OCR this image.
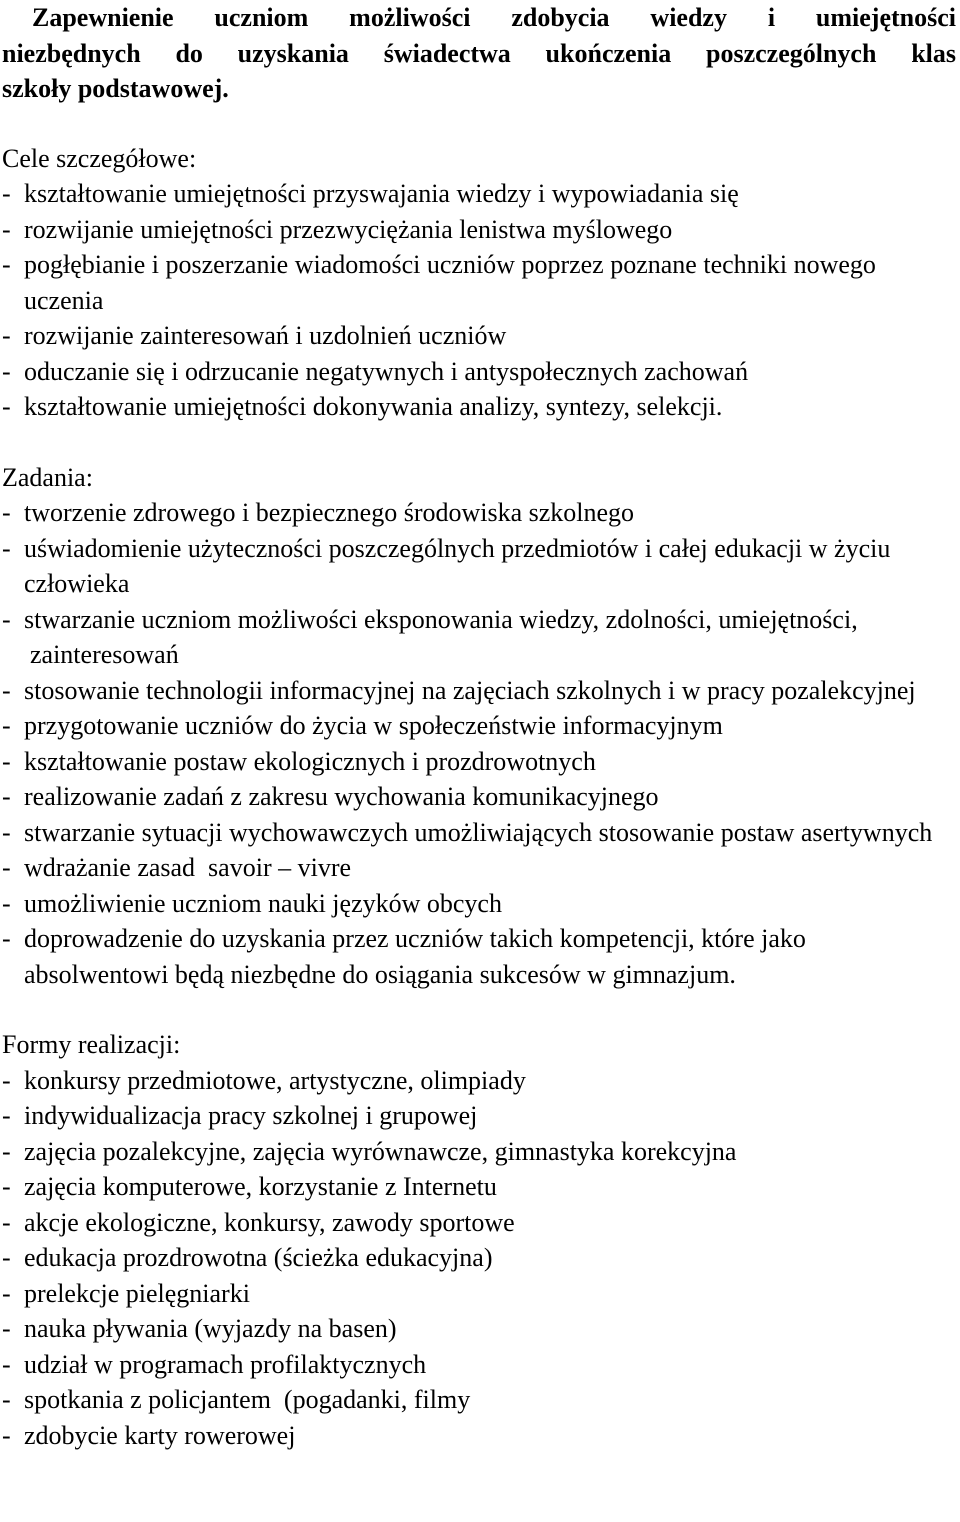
Zapewnienie uczniom możliwości zdobycia wiedzy i umiejętności
niezbędnych do uzyskania świadectwa ukończenia poszczególnych klas
szkoły podstawowej.

Cele szczegółowe:

- kształtowanie umiejętności przyswajania wiedzy i wypowiadania się
- rozwijanie umiejętności przezwyciężania lenistwa myślowego
- pogłębianie i poszerzanie wiadomości uczniów poprzez poznane techniki nowego uczenia
- rozwijanie zainteresowań i uzdolnień uczniów
- oduczanie się i odrzucanie negatywnych i antyspołecznych zachowań
- kształtowanie umiejętności dokonywania analizy, syntezy, selekcji.

Zadania:

- tworzenie zdrowego i bezpiecznego środowiska szkolnego
- uświadomienie użyteczności poszczególnych przedmiotów i całej edukacji w życiu człowieka
- stwarzanie uczniom możliwości eksponowania wiedzy, zdolności, umiejętności, zainteresowań
- stosowanie technologii informacyjnej na zajęciach szkolnych i w pracy pozalekcyjnej
- przygotowanie uczniów do życia w społeczeństwie informacyjnym
- kształtowanie postaw ekologicznych i prozdrowotnych
- realizowanie zadań z zakresu wychowania komunikacyjnego
- stwarzanie sytuacji wychowawczych umożliwiających stosowanie postaw asertywnych
- wdrażanie zasad  savoir – vivre
- umożliwienie uczniom nauki języków obcych
- doprowadzenie do uzyskania przez uczniów takich kompetencji, które jako absolwentowi będą niezbędne do osiągania sukcesów w gimnazjum.

Formy realizacji:

- konkursy przedmiotowe, artystyczne, olimpiady
- indywidualizacja pracy szkolnej i grupowej
- zajęcia pozalekcyjne, zajęcia wyrównawcze, gimnastyka korekcyjna
- zajęcia komputerowe, korzystanie z Internetu
- akcje ekologiczne, konkursy, zawody sportowe
- edukacja prozdrowotna (ścieżka edukacyjna)
- prelekcje pielęgniarki
- nauka pływania (wyjazdy na basen)
- udział w programach profilaktycznych
- spotkania z policjantem  (pogadanki, filmy
- zdobycie karty rowerowej
